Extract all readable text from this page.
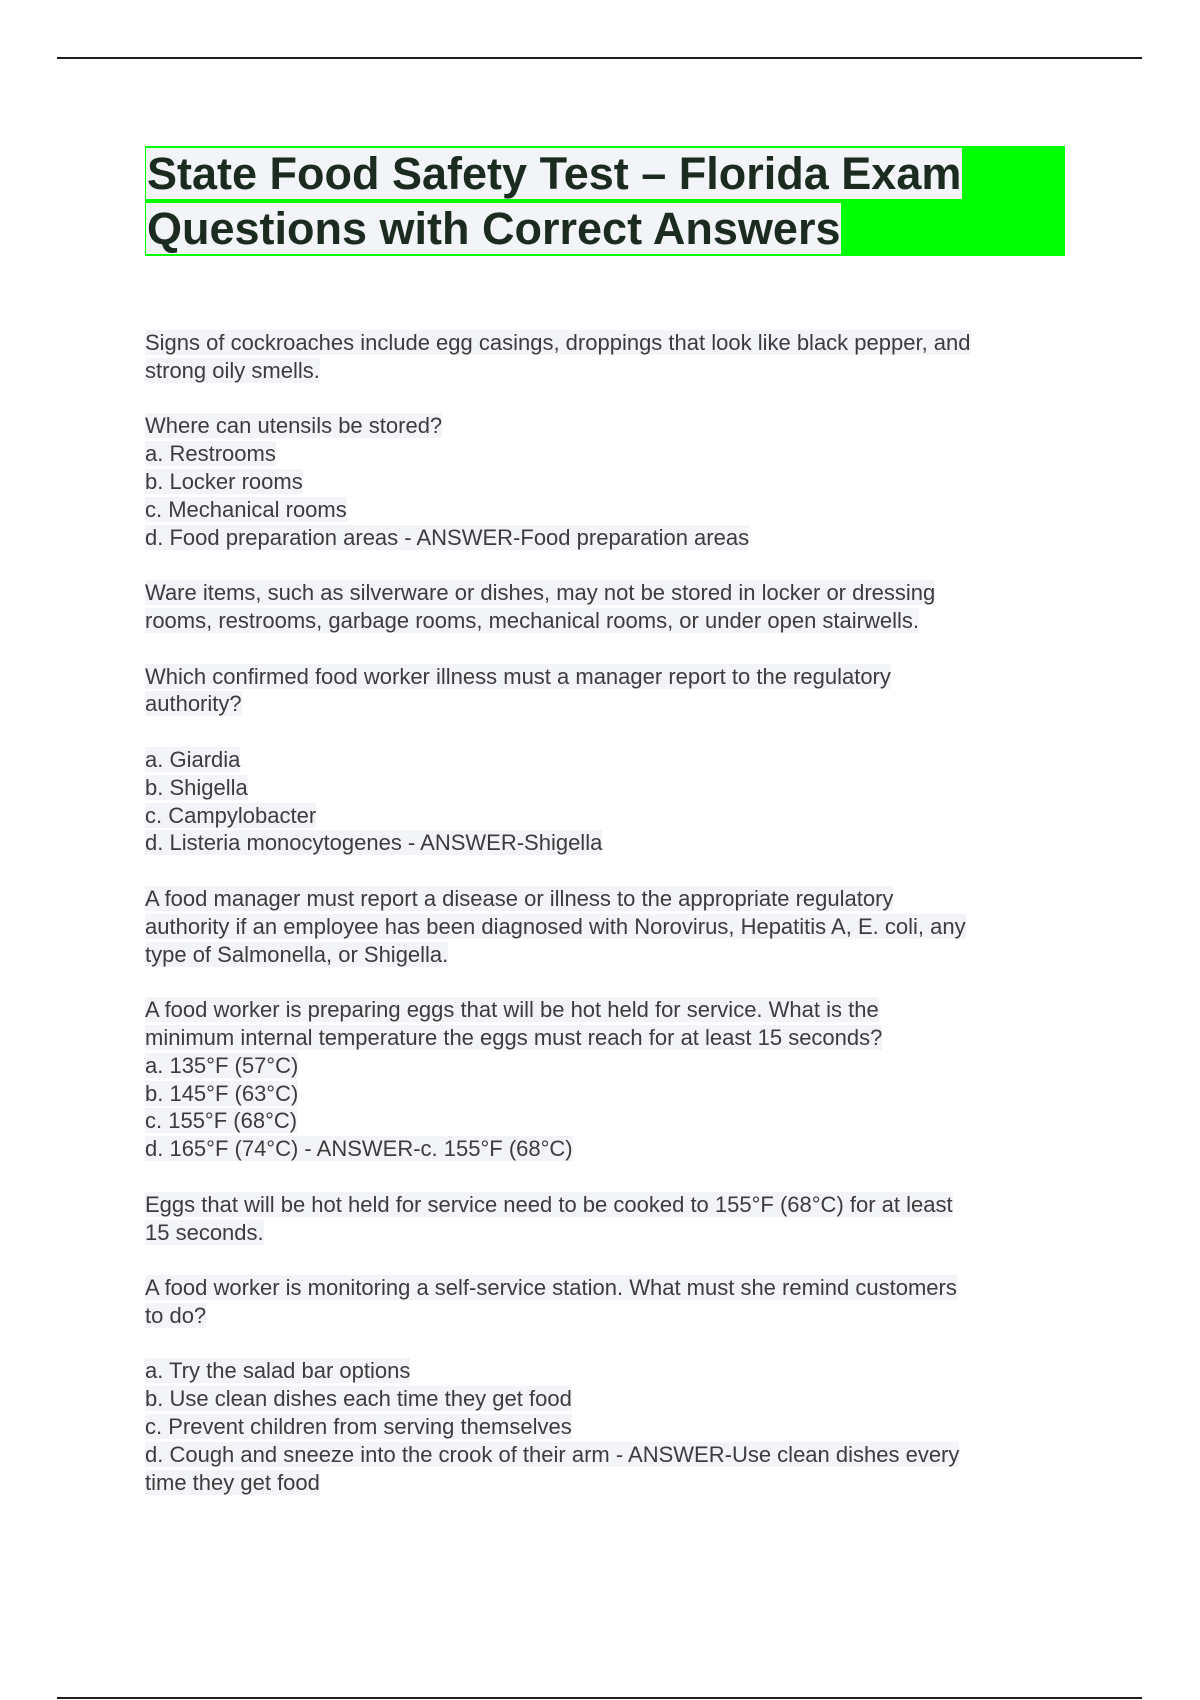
State Food Safety Test – Florida Exam
Questions with Correct Answers
Signs of cockroaches include egg casings, droppings that look like black pepper, and
strong oily smells.
Where can utensils be stored?
a. Restrooms
b. Locker rooms
c. Mechanical rooms
d. Food preparation areas - ANSWER-Food preparation areas
Ware items, such as silverware or dishes, may not be stored in locker or dressing
rooms, restrooms, garbage rooms, mechanical rooms, or under open stairwells.
Which confirmed food worker illness must a manager report to the regulatory
authority?
a. Giardia
b. Shigella
c. Campylobacter
d. Listeria monocytogenes - ANSWER-Shigella
A food manager must report a disease or illness to the appropriate regulatory
authority if an employee has been diagnosed with Norovirus, Hepatitis A, E. coli, any
type of Salmonella, or Shigella.
A food worker is preparing eggs that will be hot held for service. What is the
minimum internal temperature the eggs must reach for at least 15 seconds?
a. 135°F (57°C)
b. 145°F (63°C)
c. 155°F (68°C)
d. 165°F (74°C) - ANSWER-c. 155°F (68°C)
Eggs that will be hot held for service need to be cooked to 155°F (68°C) for at least
15 seconds.
A food worker is monitoring a self-service station. What must she remind customers
to do?
a. Try the salad bar options
b. Use clean dishes each time they get food
c. Prevent children from serving themselves
d. Cough and sneeze into the crook of their arm - ANSWER-Use clean dishes every
time they get food
